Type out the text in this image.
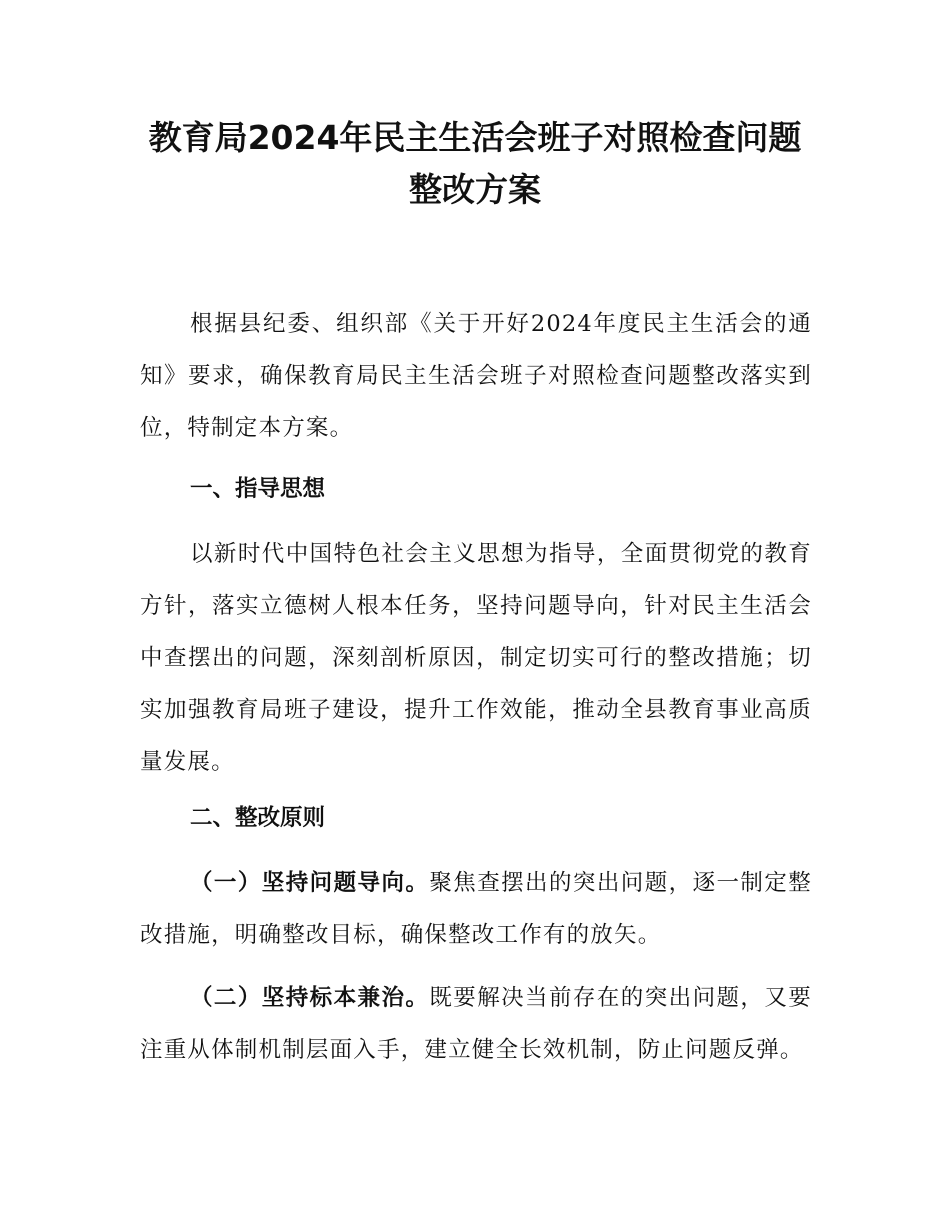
教育局2024年民主生活会班子对照检查问题
整改方案

根据县纪委、组织部《关于开好2024年度民主生活会的通知》要求，确保教育局民主生活会班子对照检查问题整改落实到位，特制定本方案。

一、指导思想

以新时代中国特色社会主义思想为指导，全面贯彻党的教育方针，落实立德树人根本任务，坚持问题导向，针对民主生活会中查摆出的问题，深刻剖析原因，制定切实可行的整改措施；切实加强教育局班子建设，提升工作效能，推动全县教育事业高质量发展。

二、整改原则

（一）坚持问题导向。聚焦查摆出的突出问题，逐一制定整改措施，明确整改目标，确保整改工作有的放矢。

（二）坚持标本兼治。既要解决当前存在的突出问题，又要注重从体制机制层面入手，建立健全长效机制，防止问题反弹。
